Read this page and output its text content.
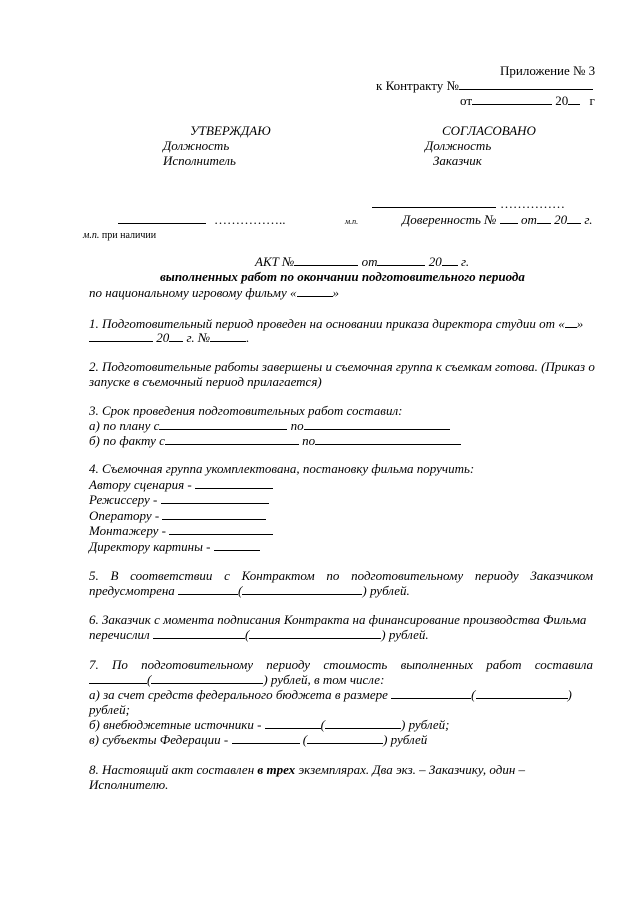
Приложение № 3
к Контракту №
от	20 г
УТВЕРЖДАЮ
Должность
Исполнитель
СОГЛАСОВАНО
Должность
Заказчик
……………
……………..	м.п.	Доверенность № от 20 г.
м.п. при наличии
АКТ №	от	20 г.
выполненных работ по окончании подготовительного периода
по национальному игровому фильму «	»
1. Подготовительный период проведен на основании приказа директора студии от « »
20 г. №	.
2. Подготовительные работы завершены и съемочная группа к съемкам готова. (Приказ о
запуске в съемочный период прилагается)
3. Срок проведения подготовительных работ составил:
а) по плану с	по
б) по факту с	по
4. Съемочная группа укомплектована, постановку фильма поручить:
Автору сценария -
Режиссеру -
Оператору -
Монтажеру -
Директору картины -
5. В соответствии с Контрактом по подготовительному периоду Заказчиком
предусмотрена	(	) рублей.
6. Заказчик с момента подписания Контракта на финансирование производства Фильма
перечислил	(	) рублей.
7. По подготовительному периоду стоимость выполненных работ составила
(	) рублей, в том числе:
а) за счет средств федерального бюджета в размере	(	)
рублей;
б) внебюджетные источники -	(	) рублей;
в) субъекты Федерации -	(	) рублей
8. Настоящий акт составлен в трех экземплярах. Два экз. – Заказчику, один –
Исполнителю.
